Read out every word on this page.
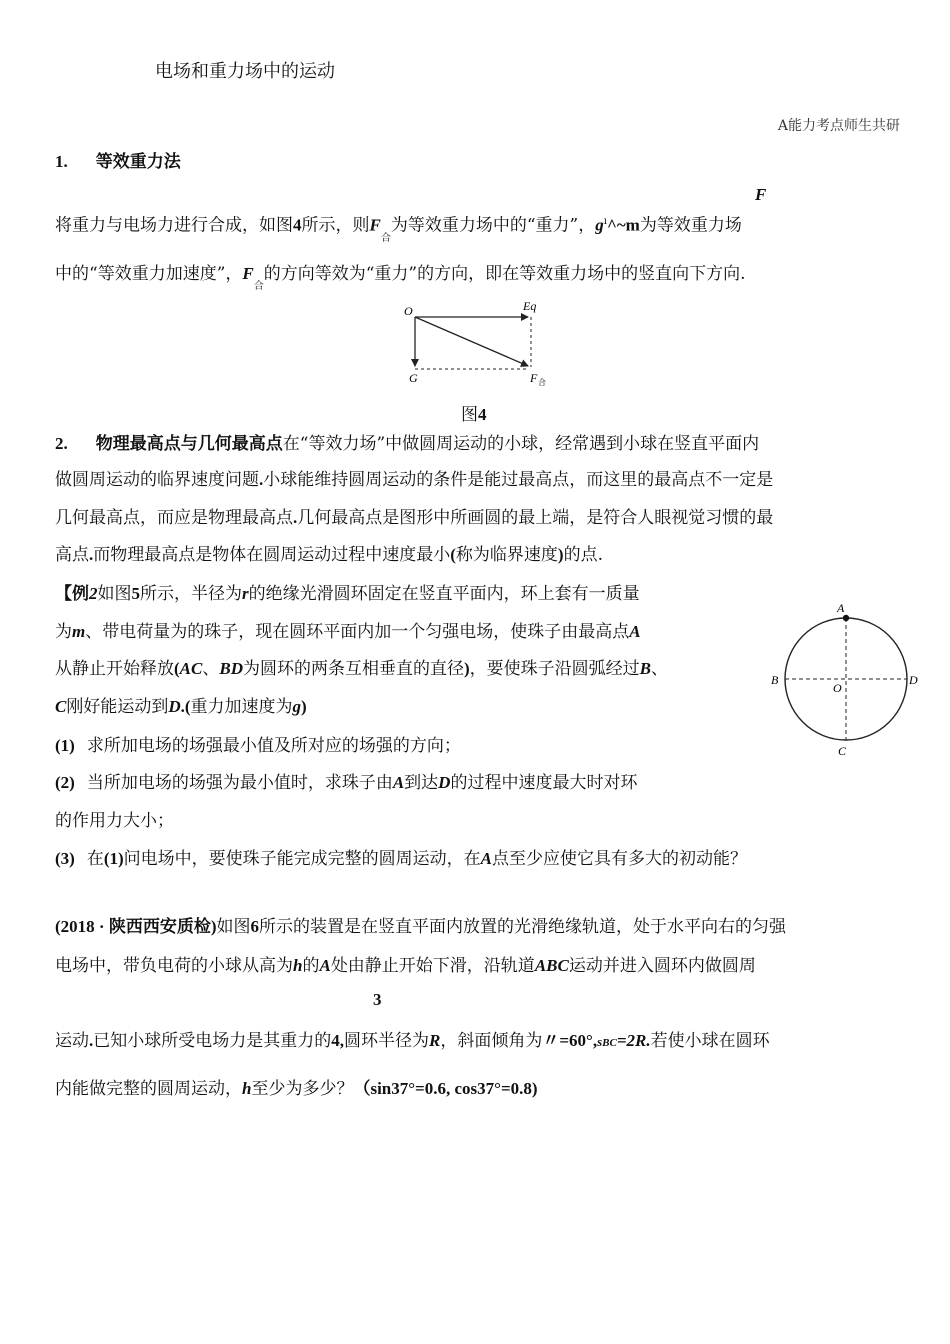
电场和重力场中的运动
A能力考点师生共研
1. 等效重力法
F
将重力与电场力进行合成，如图4所示，则$F_合$为等效重力场中的“重力”，$g^ı\^{}\sim m$为等效重力场
中的“等效重力加速度”，$F_合$的方向等效为“重力”的方向，即在等效重力场中的竖直向下方向.
O	Eq
G	F 合
图4
2. 物理最高点与几何最高点在“等效力场”中做圆周运动的小球，经常遇到小球在竖直平面内
做圆周运动的临界速度问题.小球能维持圆周运动的条件是能过最高点，而这里的最高点不一定是
几何最高点，而应是物理最高点.几何最高点是图形中所画圆的最上端，是符合人眼视觉习惯的最
高点.而物理最高点是物体在圆周运动过程中速度最小(称为临界速度)的点.
【例2如图5所示，半径为r的绝缘光滑圆环固定在竖直平面内，环上套有一质量
为m、带电荷量为的珠子，现在圆环平面内加一个匀强电场，使珠子由最高点A
从静止开始释放(AC、BD为圆环的两条互相垂直的直径)，要使珠子沿圆弧经过B、
C刚好能运动到D.(重力加速度为g)
(1) 求所加电场的场强最小值及所对应的场强的方向；
(2) 当所加电场的场强为最小值时，求珠子由A到达D的过程中速度最大时对环
的作用力大小；
(3) 在(1)问电场中，要使珠子能完成完整的圆周运动，在A点至少应使它具有多大的初动能？
A
B
C
D
O
(2018 · 陕西西安质检)如图6所示的装置是在竖直平面内放置的光滑绝缘轨道，处于水平向右的匀强
电场中，带负电荷的小球从高为h的A处由静止开始下滑，沿轨道ABC运动并进入圆环内做圆周
3
运动.已知小球所受电场力是其重力的4,圆环半径为R，斜面倾角为〃=60°,sBC=2R.若使小球在圆环
内能做完整的圆周运动，h至少为多少？（sin37°=0.6, cos37°=0.8)
